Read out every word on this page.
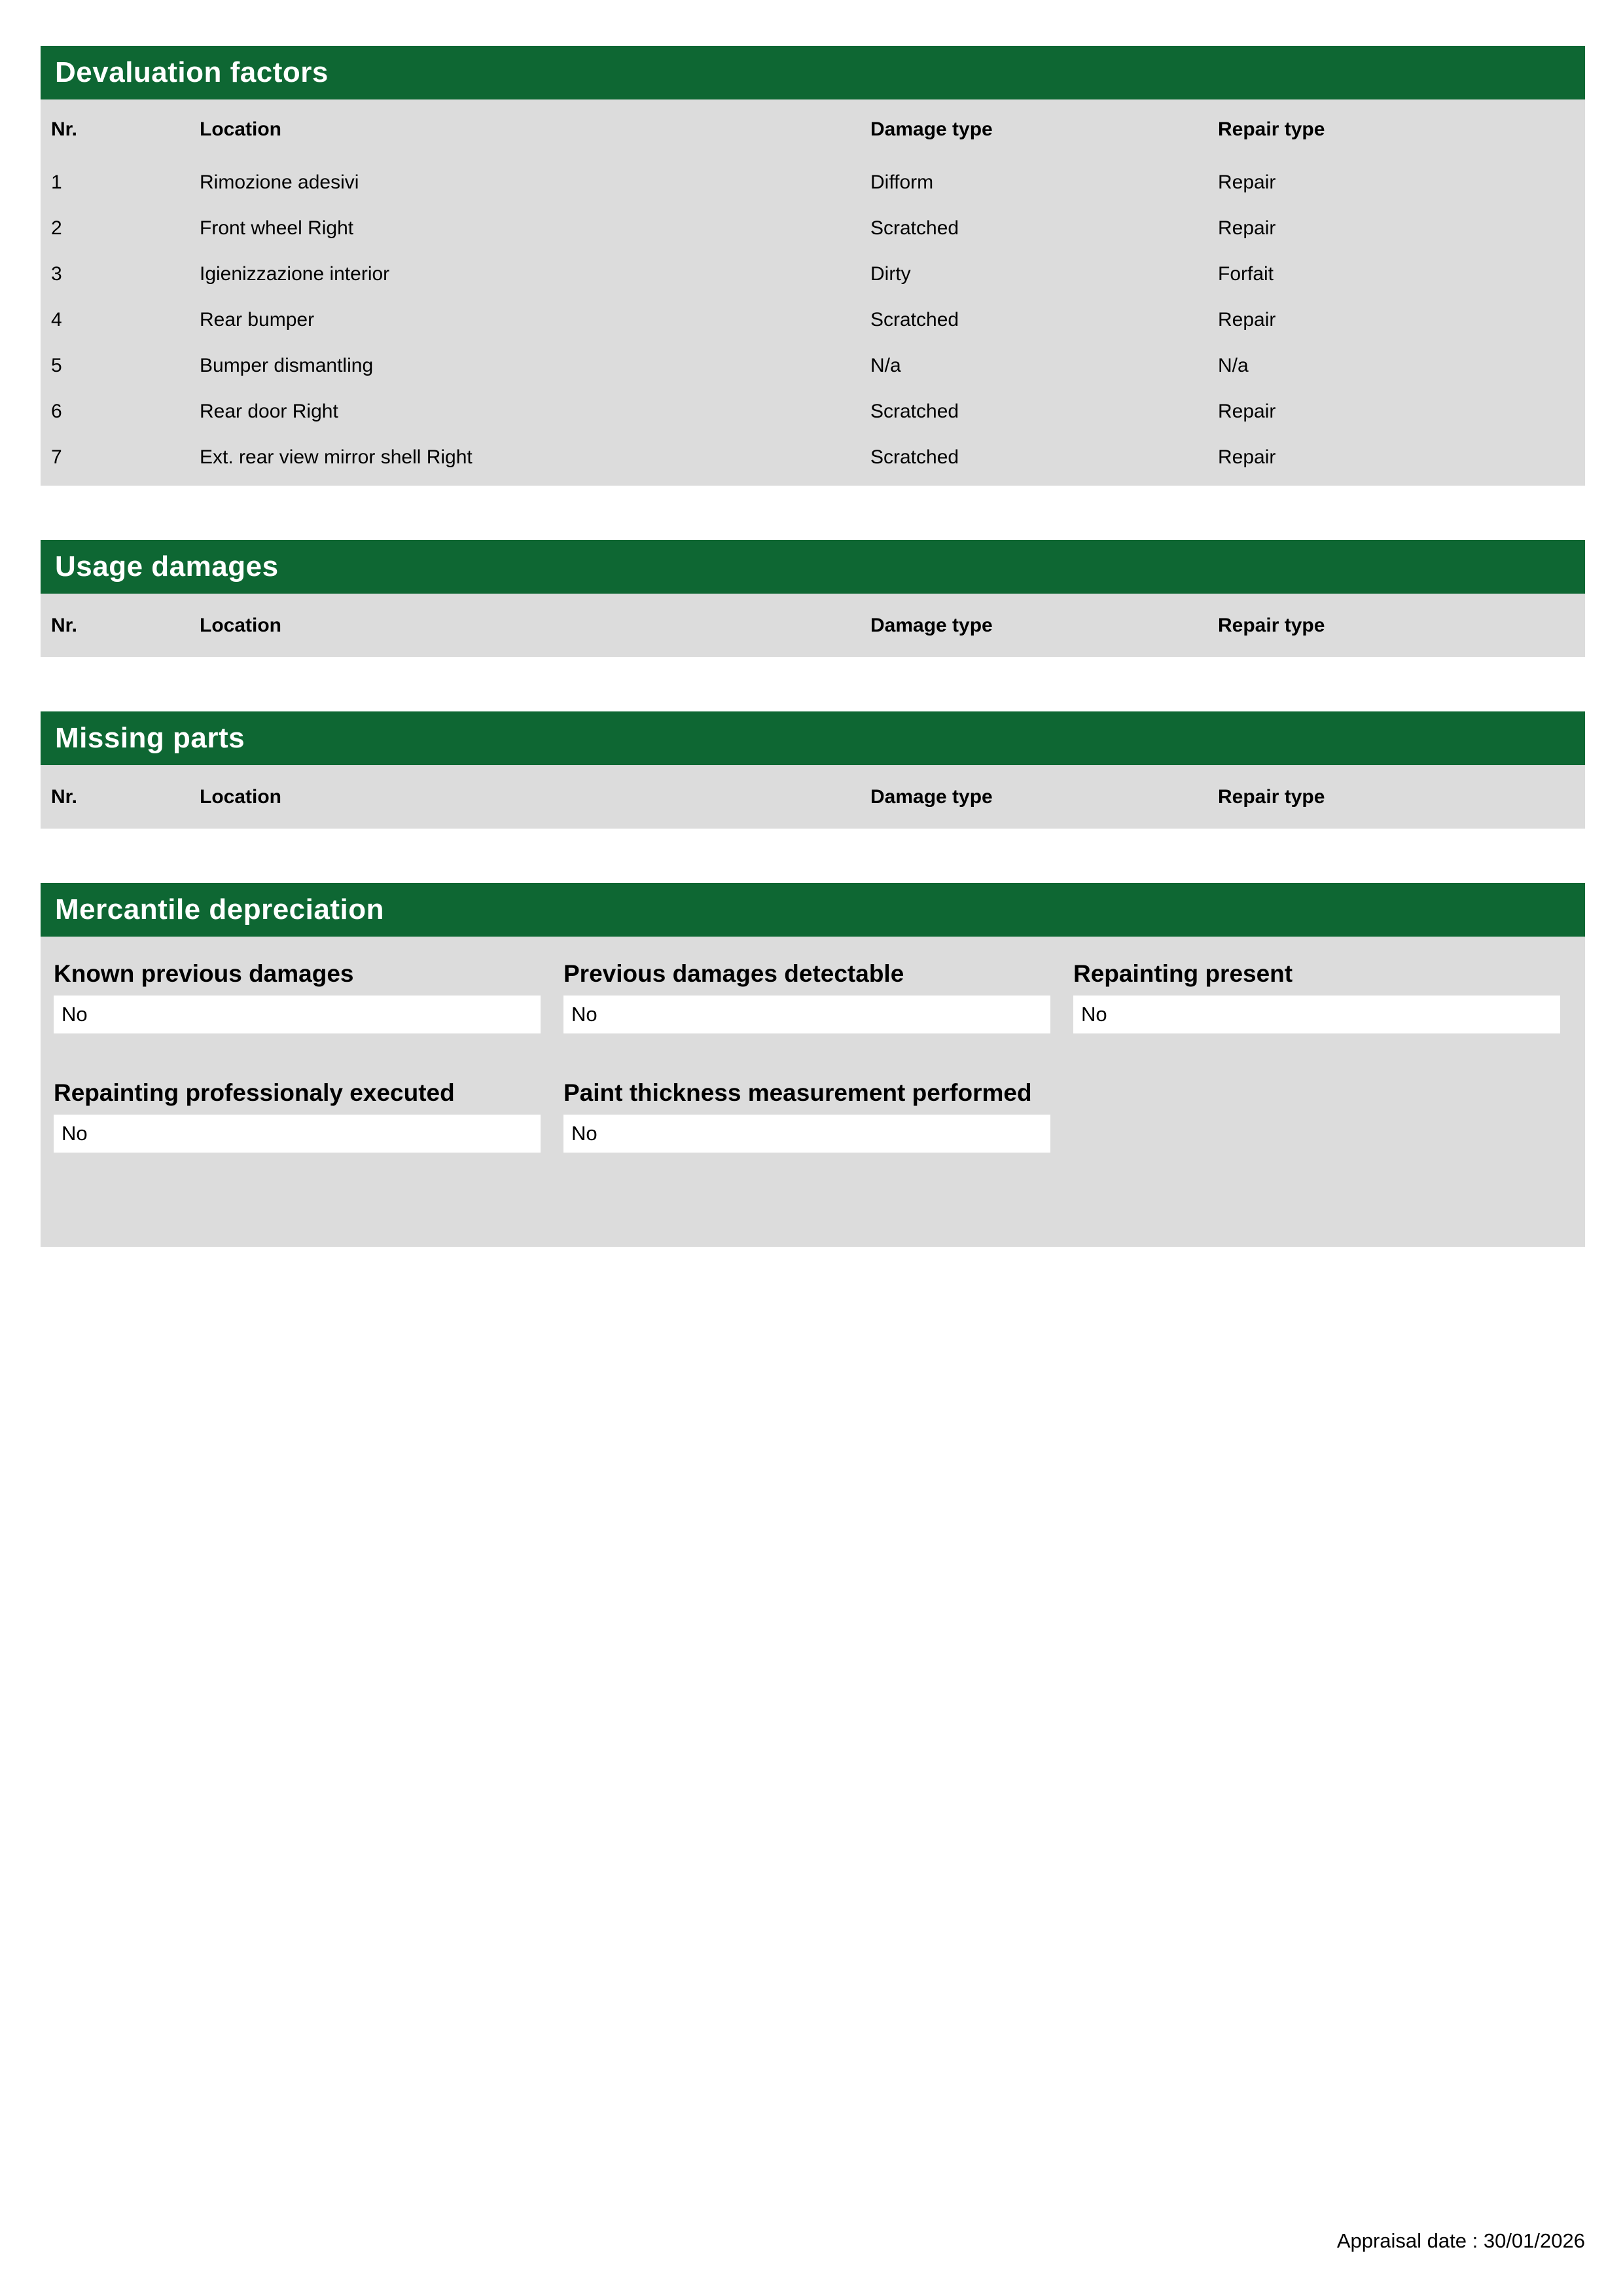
Devaluation factors
Nr.	Location	Damage type	Repair type
1	Rimozione adesivi	Difform	Repair
2	Front wheel Right	Scratched	Repair
3	Igienizzazione interior	Dirty	Forfait
4	Rear bumper	Scratched	Repair
5	Bumper dismantling	N/a	N/a
6	Rear door Right	Scratched	Repair
7	Ext. rear view mirror shell Right	Scratched	Repair
Usage damages
Nr.	Location	Damage type	Repair type
Missing parts
Nr.	Location	Damage type	Repair type
Mercantile depreciation
Known previous damages
No
Previous damages detectable
No
Repainting present
No
Repainting professionaly executed
No
Paint thickness measurement performed
No
Appraisal date : 30/01/2026
